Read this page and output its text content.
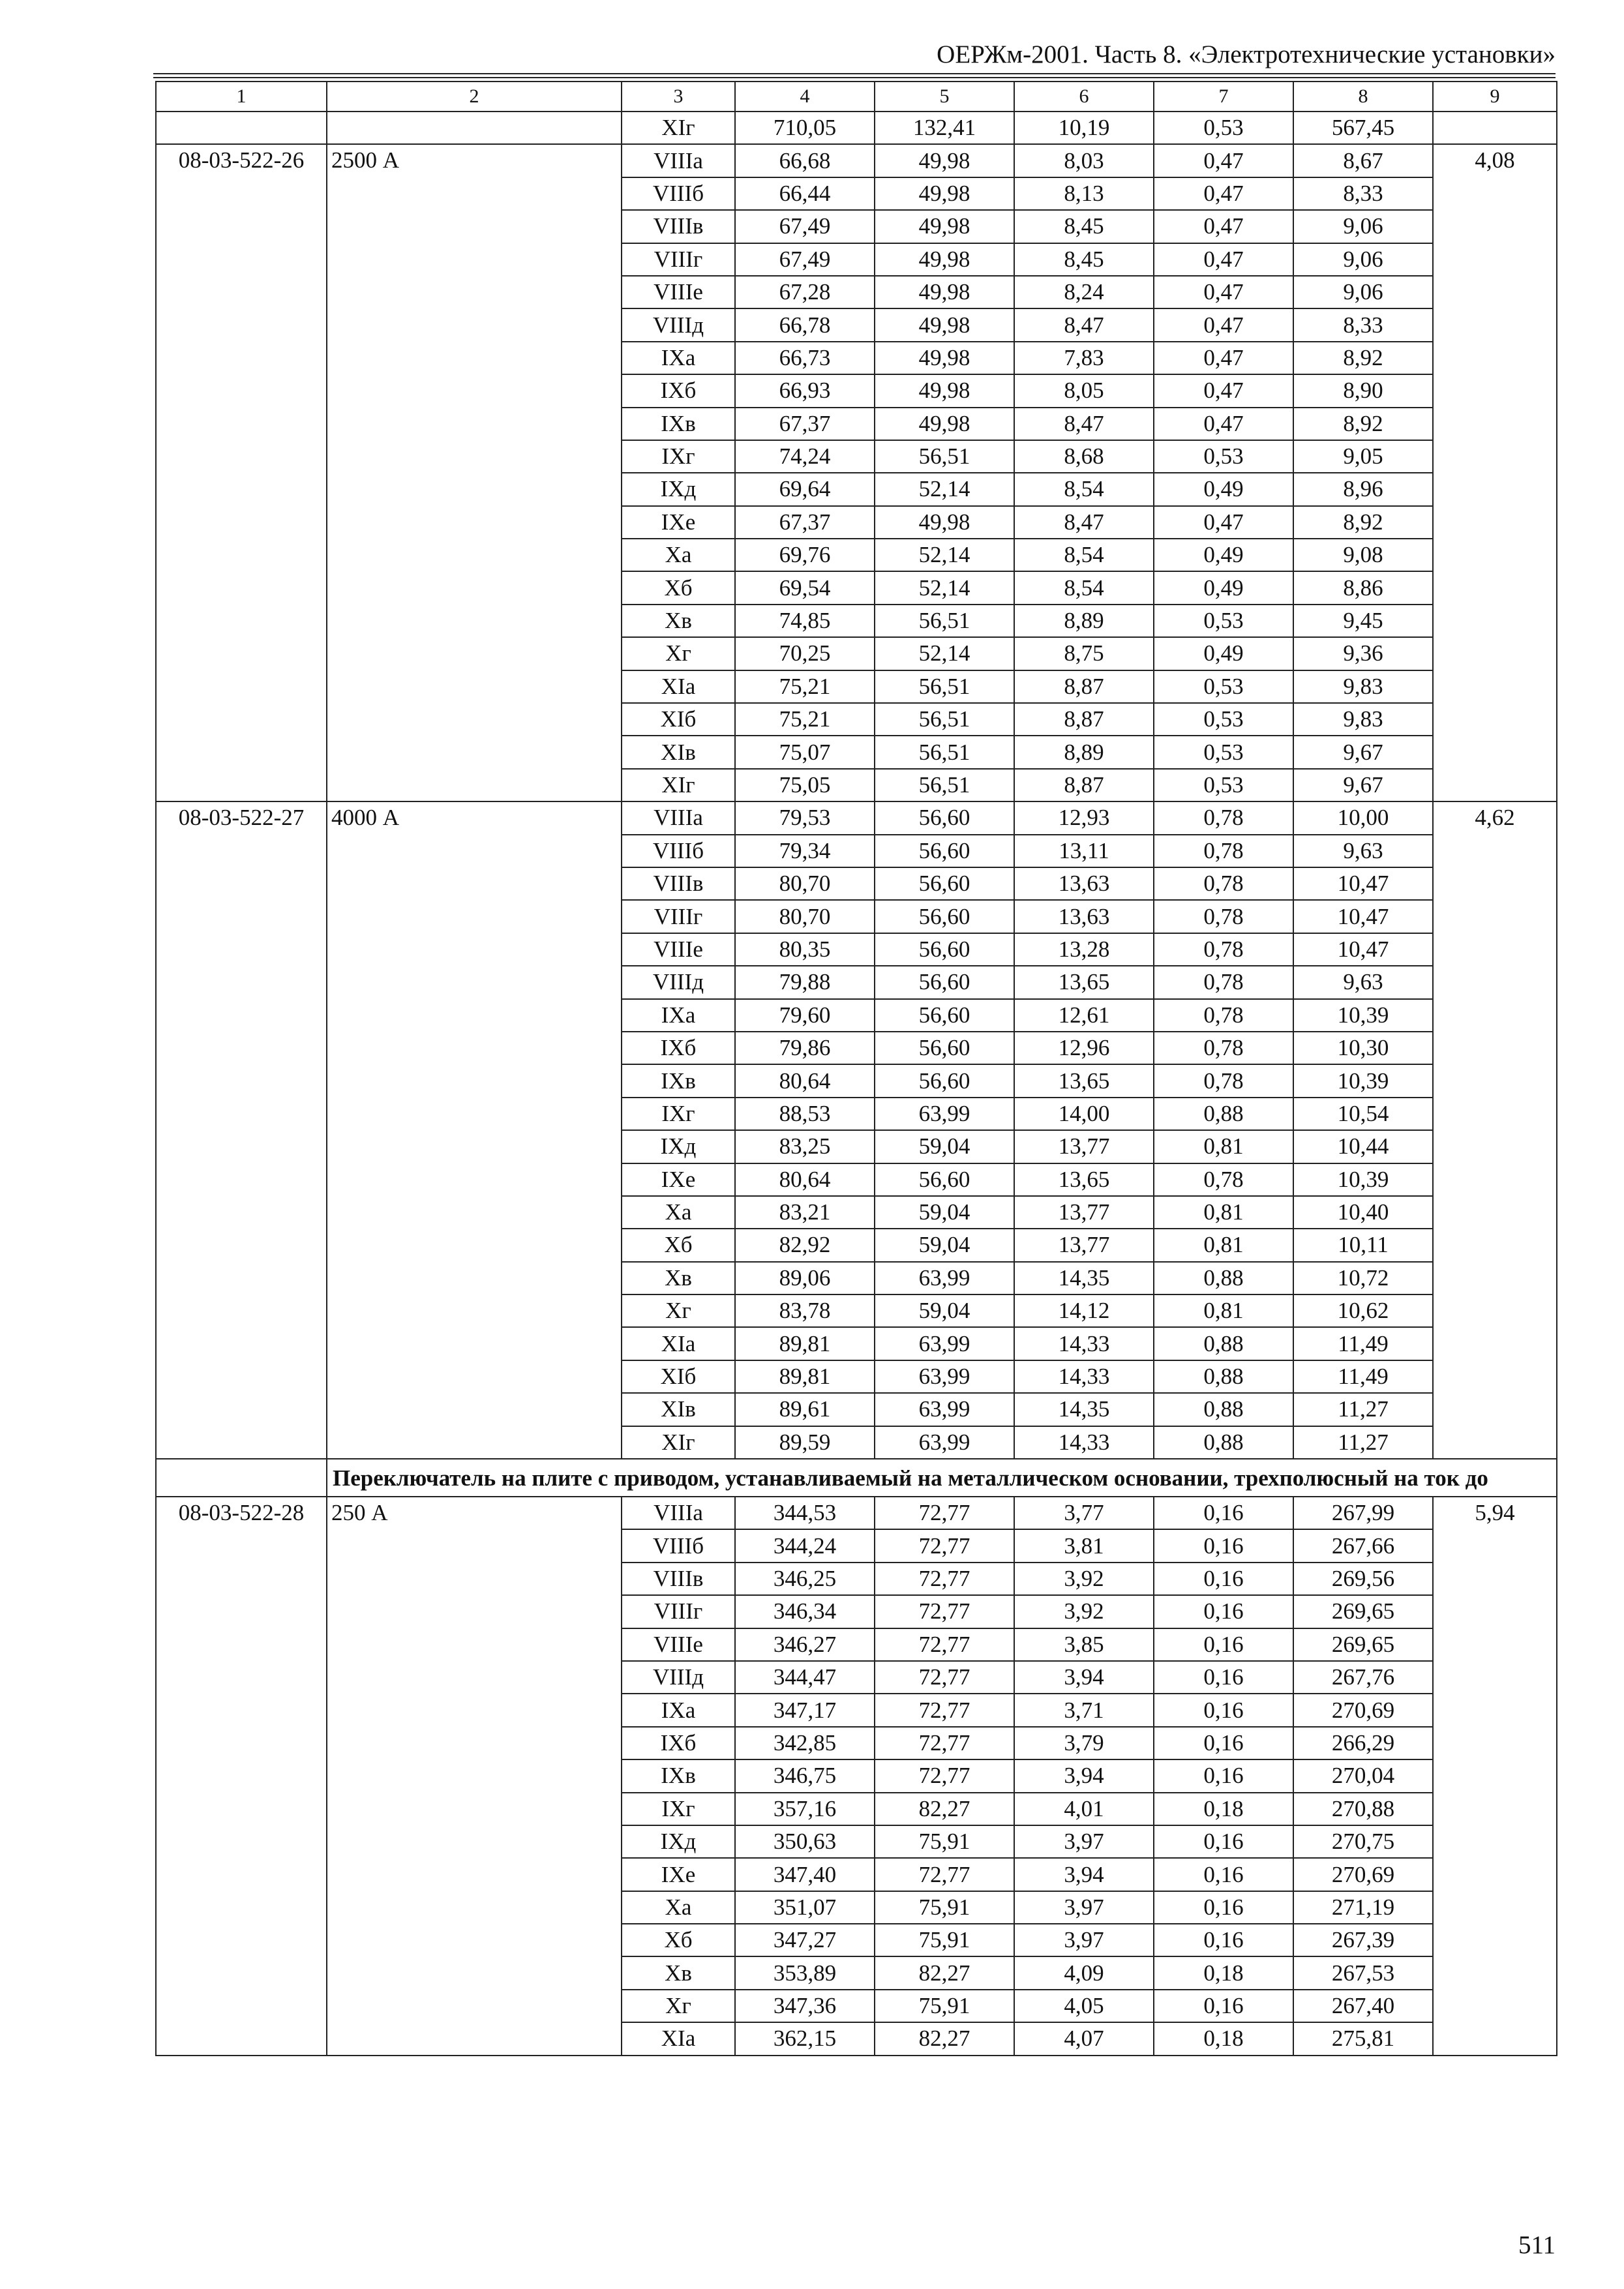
ОЕРЖм-2001. Часть 8. «Электротехнические установки»
1	2	3	4	5	6	7	8	9
		XIг	710,05	132,41	10,19	0,53	567,45	
08-03-522-26	2500 А	VIIIа	66,68	49,98	8,03	0,47	8,67	4,08
		VIIIб	66,44	49,98	8,13	0,47	8,33	
		VIIIв	67,49	49,98	8,45	0,47	9,06	
		VIIIг	67,49	49,98	8,45	0,47	9,06	
		VIIIе	67,28	49,98	8,24	0,47	9,06	
		VIIIд	66,78	49,98	8,47	0,47	8,33	
		IXа	66,73	49,98	7,83	0,47	8,92	
		IXб	66,93	49,98	8,05	0,47	8,90	
		IXв	67,37	49,98	8,47	0,47	8,92	
		IXг	74,24	56,51	8,68	0,53	9,05	
		IXд	69,64	52,14	8,54	0,49	8,96	
		IXе	67,37	49,98	8,47	0,47	8,92	
		Xа	69,76	52,14	8,54	0,49	9,08	
		Xб	69,54	52,14	8,54	0,49	8,86	
		Xв	74,85	56,51	8,89	0,53	9,45	
		Xг	70,25	52,14	8,75	0,49	9,36	
		XIа	75,21	56,51	8,87	0,53	9,83	
		XIб	75,21	56,51	8,87	0,53	9,83	
		XIв	75,07	56,51	8,89	0,53	9,67	
		XIг	75,05	56,51	8,87	0,53	9,67	
08-03-522-27	4000 А	VIIIа	79,53	56,60	12,93	0,78	10,00	4,62
		VIIIб	79,34	56,60	13,11	0,78	9,63	
		VIIIв	80,70	56,60	13,63	0,78	10,47	
		VIIIг	80,70	56,60	13,63	0,78	10,47	
		VIIIе	80,35	56,60	13,28	0,78	10,47	
		VIIIд	79,88	56,60	13,65	0,78	9,63	
		IXа	79,60	56,60	12,61	0,78	10,39	
		IXб	79,86	56,60	12,96	0,78	10,30	
		IXв	80,64	56,60	13,65	0,78	10,39	
		IXг	88,53	63,99	14,00	0,88	10,54	
		IXд	83,25	59,04	13,77	0,81	10,44	
		IXе	80,64	56,60	13,65	0,78	10,39	
		Xа	83,21	59,04	13,77	0,81	10,40	
		Xб	82,92	59,04	13,77	0,81	10,11	
		Xв	89,06	63,99	14,35	0,88	10,72	
		Xг	83,78	59,04	14,12	0,81	10,62	
		XIа	89,81	63,99	14,33	0,88	11,49	
		XIб	89,81	63,99	14,33	0,88	11,49	
		XIв	89,61	63,99	14,35	0,88	11,27	
		XIг	89,59	63,99	14,33	0,88	11,27	
	Переключатель на плите с приводом, устанавливаемый на металлическом основании, трехполюсный на ток до							
08-03-522-28	250 А	VIIIа	344,53	72,77	3,77	0,16	267,99	5,94
		VIIIб	344,24	72,77	3,81	0,16	267,66	
		VIIIв	346,25	72,77	3,92	0,16	269,56	
		VIIIг	346,34	72,77	3,92	0,16	269,65	
		VIIIе	346,27	72,77	3,85	0,16	269,65	
		VIIIд	344,47	72,77	3,94	0,16	267,76	
		IXа	347,17	72,77	3,71	0,16	270,69	
		IXб	342,85	72,77	3,79	0,16	266,29	
		IXв	346,75	72,77	3,94	0,16	270,04	
		IXг	357,16	82,27	4,01	0,18	270,88	
		IXд	350,63	75,91	3,97	0,16	270,75	
		IXе	347,40	72,77	3,94	0,16	270,69	
		Xа	351,07	75,91	3,97	0,16	271,19	
		Xб	347,27	75,91	3,97	0,16	267,39	
		Xв	353,89	82,27	4,09	0,18	267,53	
		Xг	347,36	75,91	4,05	0,16	267,40	
		XIа	362,15	82,27	4,07	0,18	275,81	
511
